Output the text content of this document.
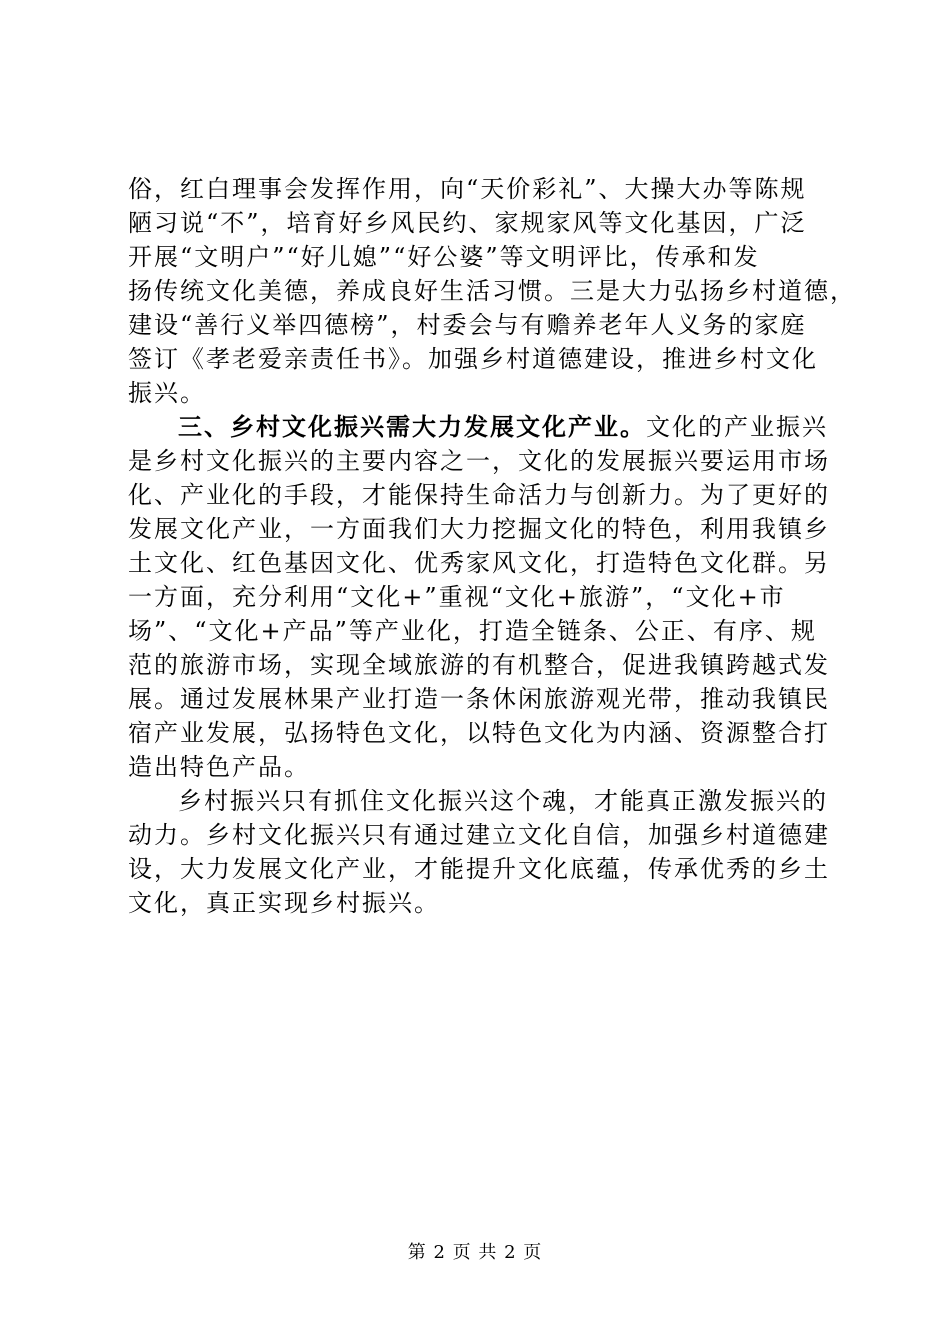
俗，红白理事会发挥作用，向“天价彩礼”、大操大办等陈规
陋习说“不”，培育好乡风民约、家规家风等文化基因，广泛
开展“文明户”“好儿媳”“好公婆”等文明评比，传承和发
扬传统文化美德，养成良好生活习惯。三是大力弘扬乡村道德，
建设“善行义举四德榜”，村委会与有赡养老年人义务的家庭
签订《孝老爱亲责任书》。加强乡村道德建设，推进乡村文化
振兴。
三、乡村文化振兴需大力发展文化产业。文化的产业振兴
是乡村文化振兴的主要内容之一，文化的发展振兴要运用市场
化、产业化的手段，才能保持生命活力与创新力。为了更好的
发展文化产业，一方面我们大力挖掘文化的特色，利用我镇乡
土文化、红色基因文化、优秀家风文化，打造特色文化群。另
一方面，充分利用“文化+”重视“文化+旅游”，“文化+市
场”、“文化+产品”等产业化，打造全链条、公正、有序、规
范的旅游市场，实现全域旅游的有机整合，促进我镇跨越式发
展。通过发展林果产业打造一条休闲旅游观光带，推动我镇民
宿产业发展，弘扬特色文化，以特色文化为内涵、资源整合打
造出特色产品。
乡村振兴只有抓住文化振兴这个魂，才能真正激发振兴的
动力。乡村文化振兴只有通过建立文化自信，加强乡村道德建
设，大力发展文化产业，才能提升文化底蕴，传承优秀的乡土
文化，真正实现乡村振兴。
第 2 页 共 2 页
